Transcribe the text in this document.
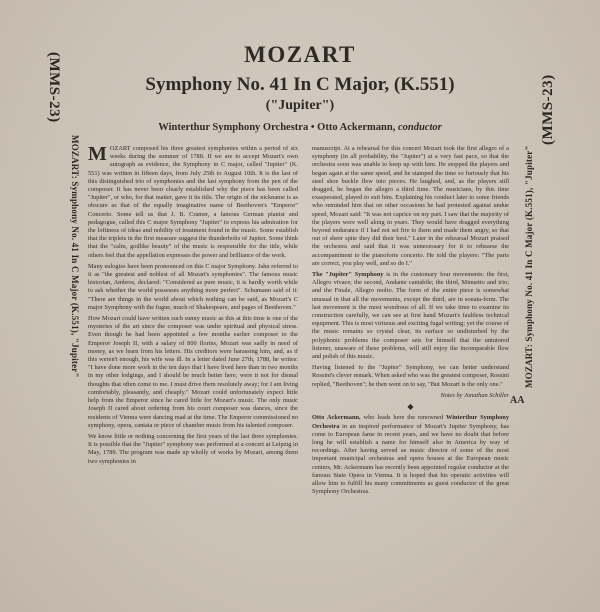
(MMS-23)
MOZART: Symphony No. 41 In C Major (K.551), "Jupiter"
(MMS-23)
MOZART: Symphony No. 41 In C Major (K.551), "Jupiter"
AA
MOZART
Symphony No. 41 In C Major, (K.551)
("Jupiter")
Winterthur Symphony Orchestra • Otto Ackermann, conductor

MOZART composed his three greatest symphonies within a period of six weeks during the summer of 1788. If we are to accept Mozart's own autograph as evidence, the Symphony in C major, called "Jupiter" (K. 551) was written in fifteen days, from July 25th to August 10th. It is the last of this distinguished trio of symphonies and the last symphony from the pen of the composer. It has never been clearly established why the piece has been called "Jupiter", or who, for that matter, gave it its title. The origin of the nickname is as obscure as that of the equally imaginative name of Beethoven's "Emperor" Concerto. Some tell us that J. B. Cramer, a famous German pianist and pedagogue, called this C major Symphony "Jupiter" to express his admiration for the loftiness of ideas and nobility of treatment found in the music. Some establish that the triplets in the first measure suggest the thunderbolts of Jupiter. Some think that the "calm, godlike beauty" of the music is responsible for the title, while others feel that the appellation expresses the power and brilliance of the work.

Many eulogies have been pronounced on this C major Symphony. Jahn referred to it as "the greatest and noblest of all Mozart's symphonies". The famous music historian, Ambros, declared: "Considered as pure music, it is hardly worth while to ask whether the world possesses anything more perfect". Schumann said of it: "There are things in the world about which nothing can be said, as Mozart's C major Symphony with the fugue, much of Shakespeare, and pages of Beethoven."

How Mozart could have written such sunny music as this at this time is one of the mysteries of the art since the composer was under spiritual and physical stress. Even though he had been appointed a few months earlier composer to the Emperor Joseph II, with a salary of 800 florins, Mozart was sadly in need of money, as we learn from his letters. His creditors were harassing him, and, as if this weren't enough, his wife was ill. In a letter dated June 27th, 1788, he writes: "I have done more work in the ten days that I have lived here than in two months in my other lodgings, and I should be much better here, were it not for dismal thoughts that often come to me. I must drive them resolutely away; for I am living comfortably, pleasantly, and cheaply." Mozart could unfortunately expect little help from the Emperor since he cared little for Mozart's music. The only music Joseph II cared about ordering from his court composer was dances, since the residents of Vienna were dancing mad at the time. The Emperor commissioned no symphony, opera, cantata or piece of chamber music from his talented composer.

We know little or nothing concerning the first years of the last three symphonies. It is possible that the "Jupiter" symphony was performed at a concert at Leipzig in May, 1789. The program was made up wholly of works by Mozart, among them two symphonies in

manuscript. At a rehearsal for this concert Mozart took the first allegro of a symphony (in all probability, the "Jupiter") at a very fast pace, so that the orchestra soon was unable to keep up with him. He stopped the players and began again at the same speed, and he stamped the time so furiously that his steel shoe buckle flew into pieces. He laughed, and, as the players still dragged, he began the allegro a third time. The musicians, by this time exasperated, played to suit him. Explaining his conduct later to some friends who reminded him that on other occasions he had protested against undue speed, Mozart said: "It was not caprice on my part. I saw that the majority of the players were well along in years. They would have dragged everything beyond endurance if I had not set fire to them and made them angry, so that out of sheer spite they did their best." Later in the rehearsal Mozart praised the orchestra and said that it was unnecessary for it to rehearse the accompaniment to the pianoforte concerto. He told the players: "The parts are correct, you play well, and so do I."

The "Jupiter" Symphony is in the customary four movements: the first, Allegro vivace; the second, Andante cantabile; the third, Minuetto and trio; and the Finale, Allegro molto. The form of the entire piece is somewhat unusual in that all the movements, except the third, are in sonata-form. The last movement is the most wondrous of all. If we take time to examine its construction carefully, we can see at first hand Mozart's faultless technical equipment. This is most virtuous and exciting fugal writing; yet the course of the music remains so crystal clear, its surface so undisturbed by the polyphonic problems the composer sets for himself that the untutored listener, unaware of these problems, will still enjoy the incomparable flow and polish of this music.

Having listened to the "Jupiter" Symphony, we can better understand Rossini's clever remark. When asked who was the greatest composer, Rossini replied, "Beethoven"; he then went on to say, "But Mozart is the only one."

Notes by Jonathan Schiller
◆

Otto Ackermann, who leads here the renowned Winterthur Symphony Orchestra in an inspired performance of Mozart's Jupiter Symphony, has come to European fame in recent years, and we have no doubt that before long he will establish a name for himself also in America by way of recordings. After having served as music director of some of the most important municipal orchestras and opera houses at the European music centers, Mr. Ackermann has recently been appointed regular conductor at the famous State Opera in Vienna. It is hoped that his operatic activities will allow him to fulfill his many commitments as guest conductor of the great Symphony Orchestras.
